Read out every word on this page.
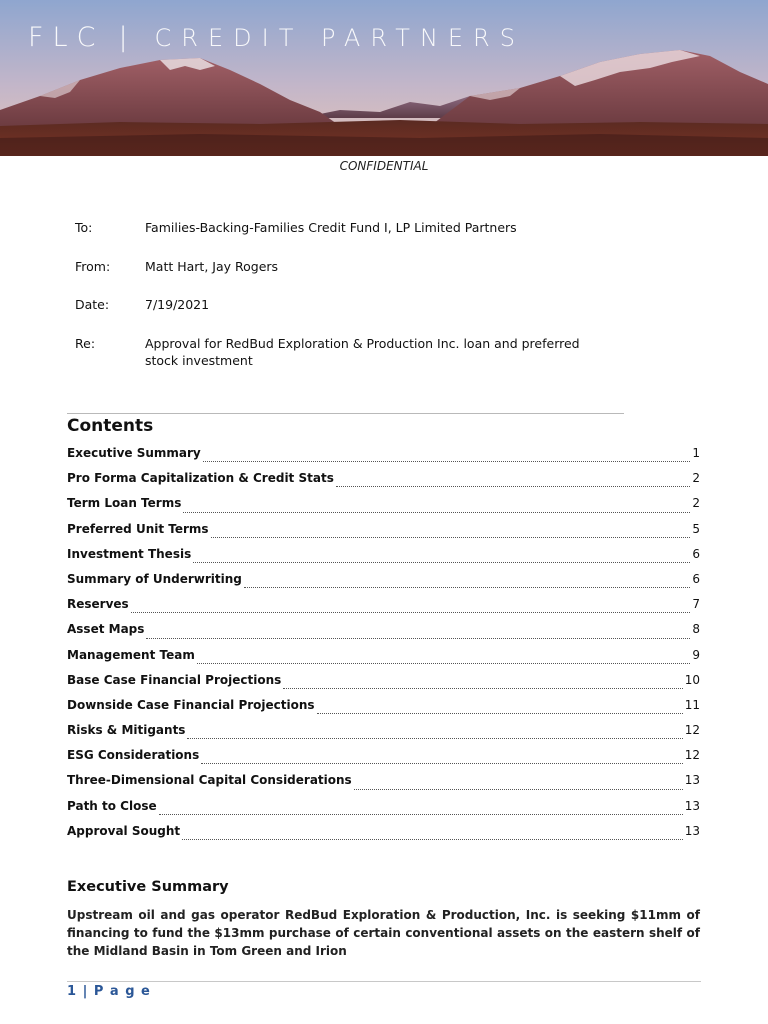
FLC | CREDIT PARTNERS
CONFIDENTIAL
To:	Families-Backing-Families Credit Fund I, LP Limited Partners
From:	Matt Hart, Jay Rogers
Date:	7/19/2021
Re:	Approval for RedBud Exploration & Production Inc. loan and preferred stock investment
Contents
Executive Summary	1
Pro Forma Capitalization & Credit Stats	2
Term Loan Terms	2
Preferred Unit Terms	5
Investment Thesis	6
Summary of Underwriting	6
Reserves	7
Asset Maps	8
Management Team	9
Base Case Financial Projections	10
Downside Case Financial Projections	11
Risks & Mitigants	12
ESG Considerations	12
Three-Dimensional Capital Considerations	13
Path to Close	13
Approval Sought	13
Executive Summary
Upstream oil and gas operator RedBud Exploration & Production, Inc. is seeking $11mm of financing to fund the $13mm purchase of certain conventional assets on the eastern shelf of the Midland Basin in Tom Green and Irion
1 | P a g e
